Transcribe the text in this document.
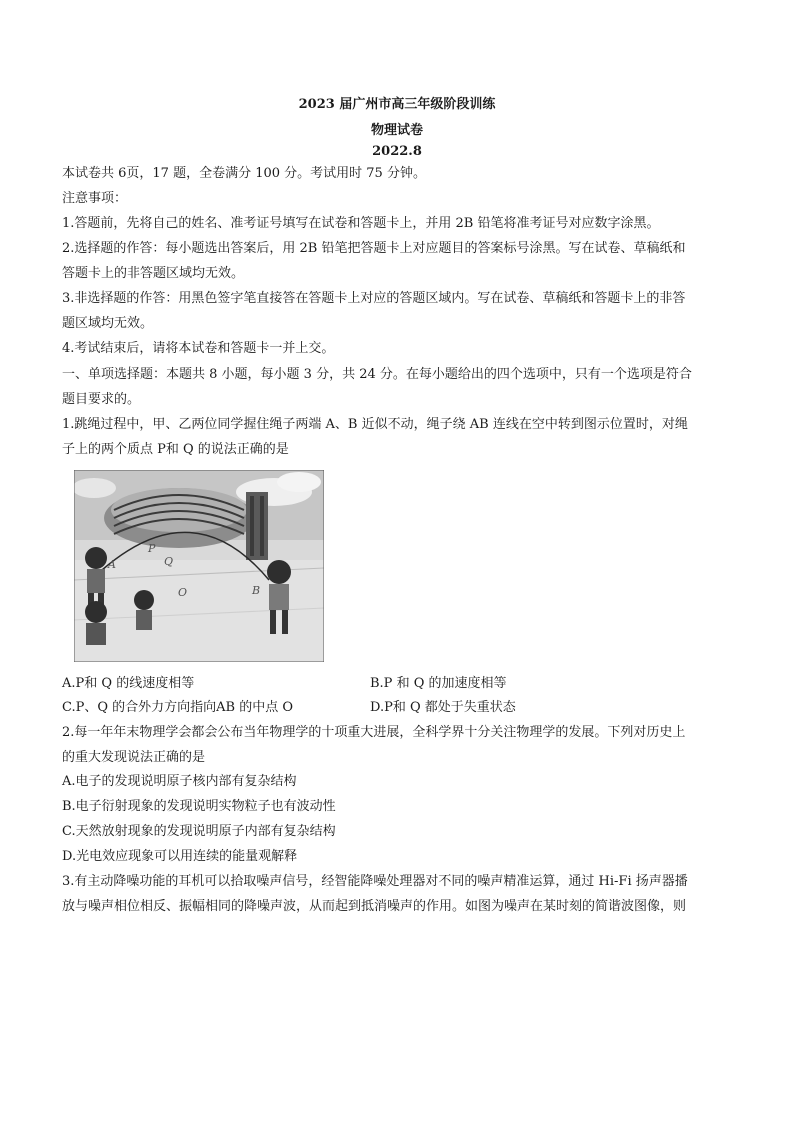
2023 届广州市高三年级阶段训练
物理试卷
2022.8
本试卷共 6页，17 题，全卷满分 100 分。考试用时 75 分钟。
注意事项：
1.答题前，先将自己的姓名、准考证号填写在试卷和答题卡上，并用 2B 铅笔将准考证号对应数字涂黑。
2.选择题的作答：每小题选出答案后，用 2B 铅笔把答题卡上对应题目的答案标号涂黑。写在试卷、草稿纸和
答题卡上的非答题区域均无效。
3.非选择题的作答：用黑色签字笔直接答在答题卡上对应的答题区域内。写在试卷、草稿纸和答题卡上的非答
题区域均无效。
4.考试结束后，请将本试卷和答题卡一并上交。
一、单项选择题：本题共 8 小题，每小题 3 分，共 24 分。在每小题给出的四个选项中，只有一个选项是符合
题目要求的。
1.跳绳过程中，甲、乙两位同学握住绳子两端 A、B 近似不动，绳子绕 AB 连线在空中转到图示位置时，对绳
子上的两个质点 P和 Q 的说法正确的是
P
Q
O
A
B
A.P和 Q 的线速度相等	B.P 和 Q 的加速度相等
C.P、Q 的合外力方向指向AB 的中点 O	D.P和 Q 都处于失重状态
2.每一年年末物理学会都会公布当年物理学的十项重大进展，全科学界十分关注物理学的发展。下列对历史上
的重大发现说法正确的是
A.电子的发现说明原子核内部有复杂结构
B.电子衍射现象的发现说明实物粒子也有波动性
C.天然放射现象的发现说明原子内部有复杂结构
D.光电效应现象可以用连续的能量观解释
3.有主动降噪功能的耳机可以拾取噪声信号，经智能降噪处理器对不同的噪声精准运算，通过 Hi-Fi 扬声器播
放与噪声相位相反、振幅相同的降噪声波，从而起到抵消噪声的作用。如图为噪声在某时刻的简谐波图像，则
